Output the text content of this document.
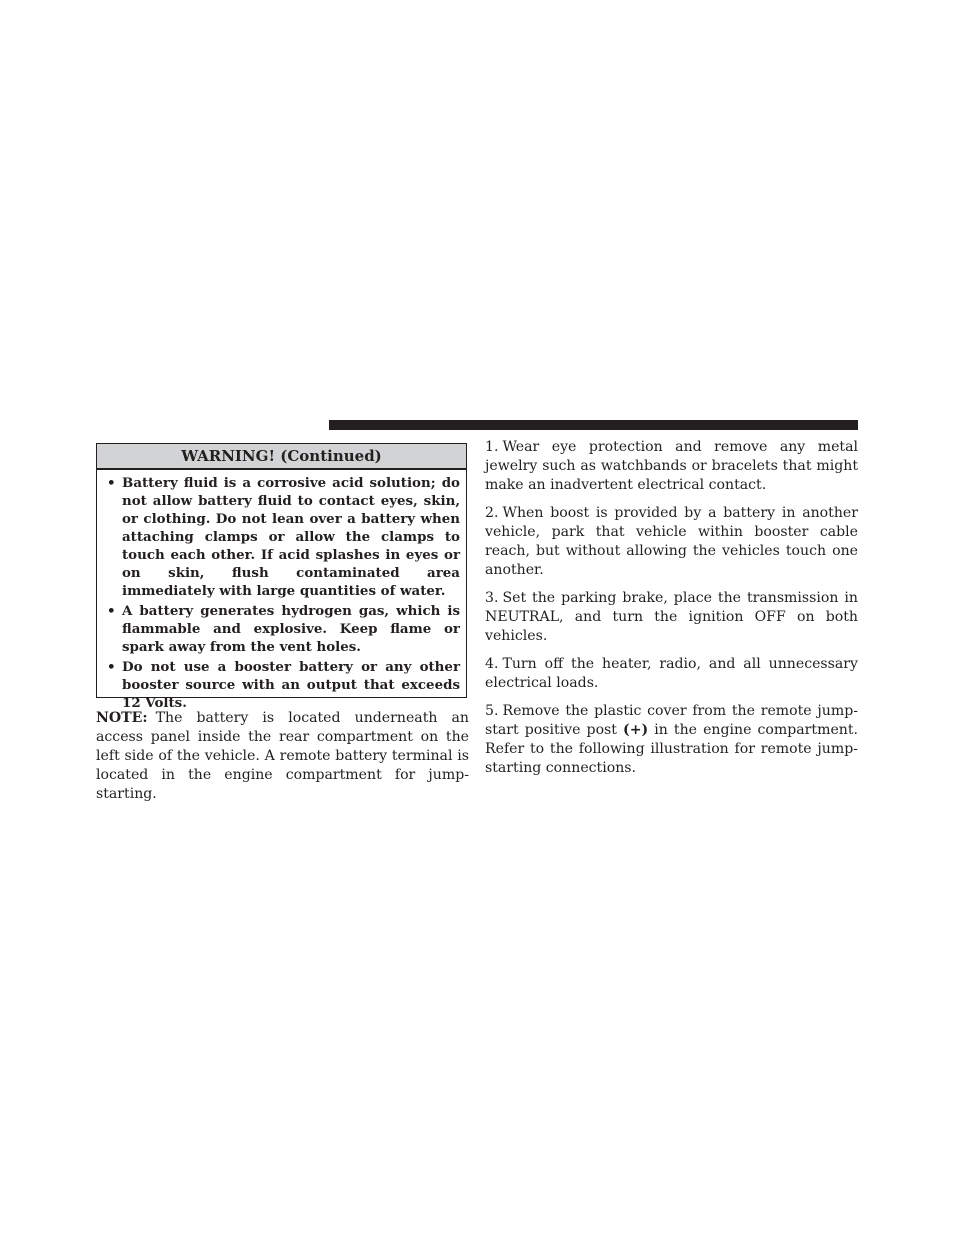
WARNING! (Continued)
• Battery fluid is a corrosive acid solution; do not allow battery fluid to contact eyes, skin, or clothing. Do not lean over a battery when attaching clamps or allow the clamps to touch each other. If acid splashes in eyes or on skin, flush contaminated area immediately with large quantities of water.
• A battery generates hydrogen gas, which is flammable and explosive. Keep flame or spark away from the vent holes.
• Do not use a booster battery or any other booster source with an output that exceeds 12 Volts.

NOTE: The battery is located underneath an access panel inside the rear compartment on the left side of the vehicle. A remote battery terminal is located in the engine compartment for jump-starting.

1. Wear eye protection and remove any metal jewelry such as watchbands or bracelets that might make an inadvertent electrical contact.

2. When boost is provided by a battery in another vehicle, park that vehicle within booster cable reach, but without allowing the vehicles touch one another.

3. Set the parking brake, place the transmission in NEUTRAL, and turn the ignition OFF on both vehicles.

4. Turn off the heater, radio, and all unnecessary electrical loads.

5. Remove the plastic cover from the remote jump-start positive post (+) in the engine compartment. Refer to the following illustration for remote jump-starting connections.
